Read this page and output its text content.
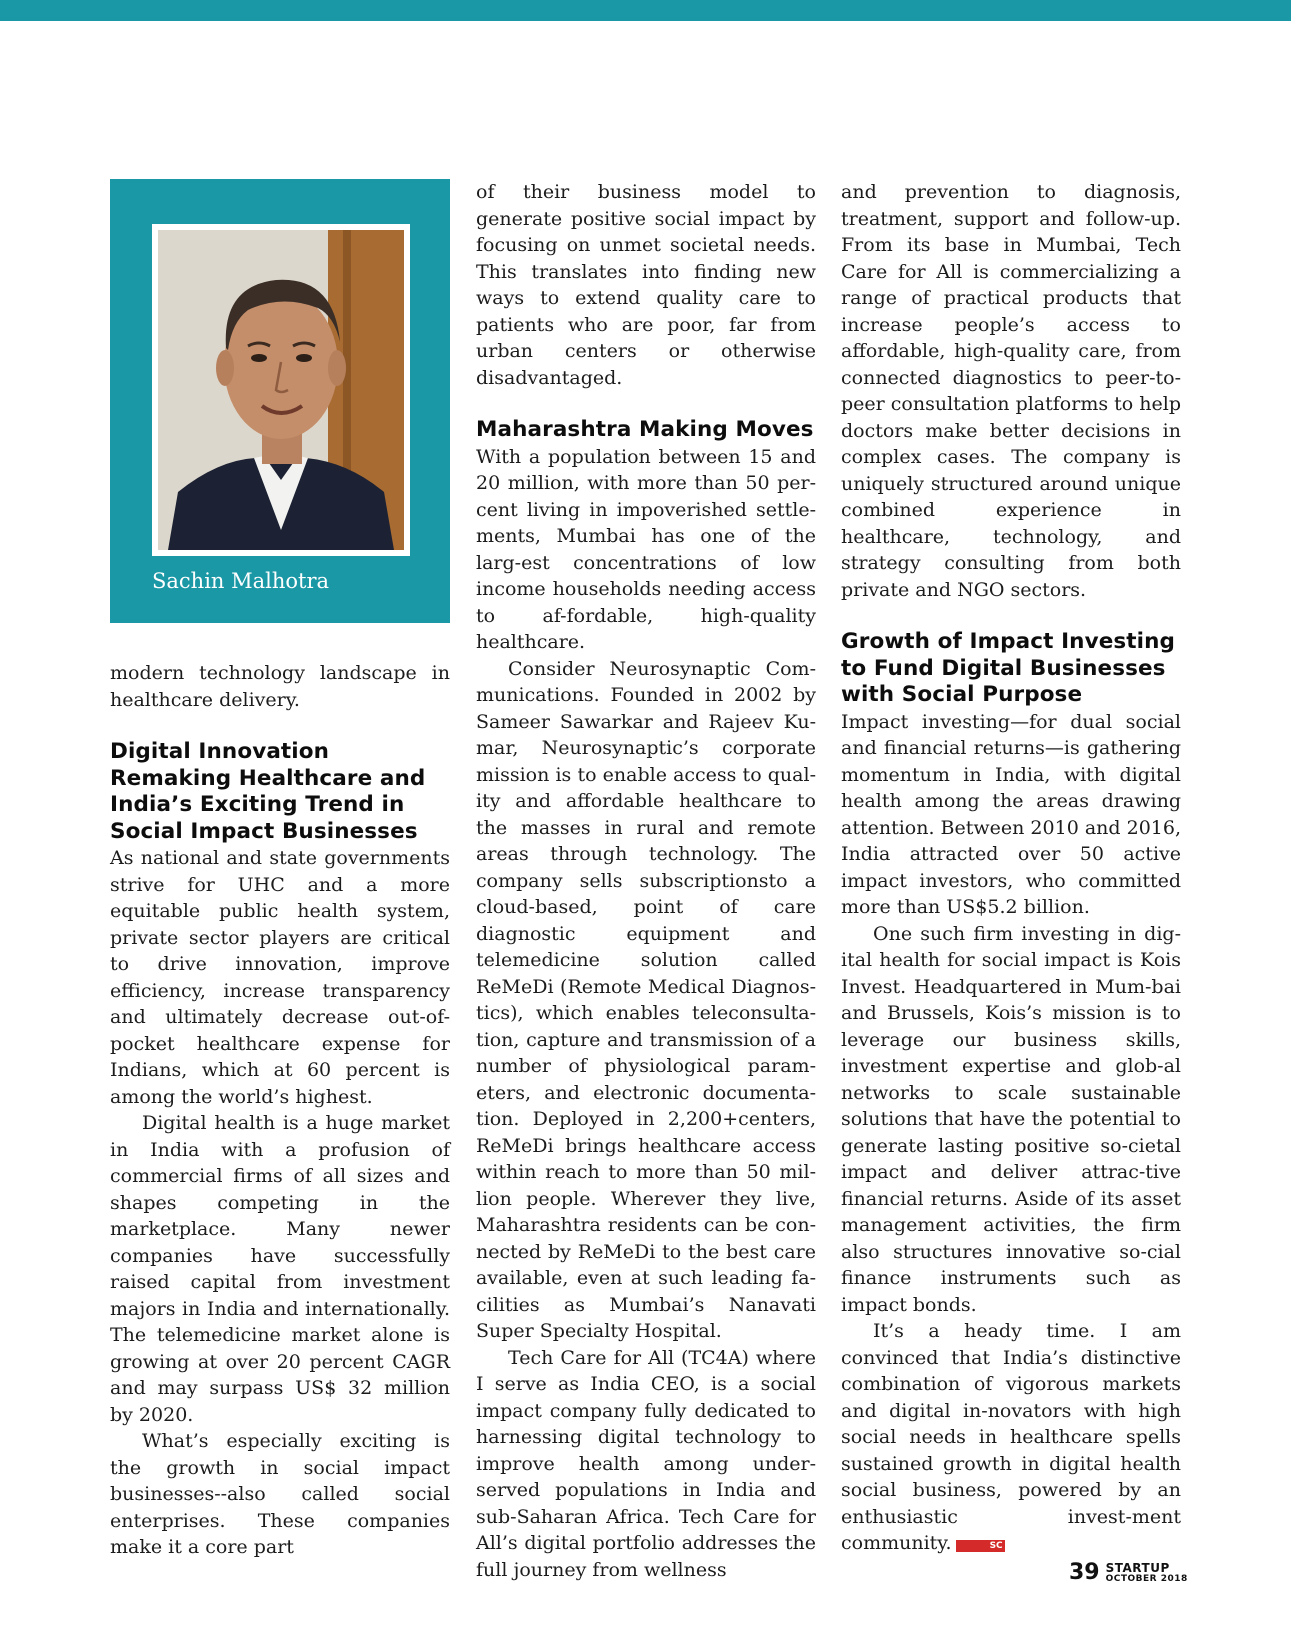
Sachin Malhotra

modern technology landscape in healthcare delivery.

Digital Innovation Remaking Healthcare and India’s Exciting Trend in Social Impact Businesses

As national and state governments strive for UHC and a more equitable public health system, private sector players are critical to drive innovation, improve efficiency, increase transparency and ultimately decrease out-of-pocket healthcare expense for Indians, which at 60 percent is among the world’s highest.

Digital health is a huge market in India with a profusion of commercial firms of all sizes and shapes competing in the marketplace. Many newer companies have successfully raised capital from investment majors in India and internationally. The telemedicine market alone is growing at over 20 percent CAGR and may surpass US$ 32 million by 2020.

What’s especially exciting is the growth in social impact businesses--also called social enterprises. These companies make it a core part

of their business model to generate positive social impact by focusing on unmet societal needs. This translates into finding new ways to extend quality care to patients who are poor, far from urban centers or otherwise disadvantaged.

Maharashtra Making Moves

With a population between 15 and 20 million, with more than 50 per-cent living in impoverished settle-ments, Mumbai has one of the larg-est concentrations of low income households needing access to af-fordable, high-quality healthcare.

Consider Neurosynaptic Com-munications. Founded in 2002 by Sameer Sawarkar and Rajeev Ku-mar, Neurosynaptic’s corporate mission is to enable access to qual-ity and affordable healthcare to the masses in rural and remote areas through technology. The company sells subscriptionsto a cloud-based, point of care diagnostic equipment and telemedicine solution called ReMeDi (Remote Medical Diagnos-tics), which enables teleconsulta-tion, capture and transmission of a number of physiological param-eters, and electronic documenta-tion. Deployed in 2,200+centers, ReMeDi brings healthcare access within reach to more than 50 mil-lion people. Wherever they live, Maharashtra residents can be con-nected by ReMeDi to the best care available, even at such leading fa-cilities as Mumbai’s Nanavati Super Specialty Hospital.

Tech Care for All (TC4A) where I serve as India CEO, is a social impact company fully dedicated to harnessing digital technology to improve health among under-served populations in India and sub-Saharan Africa. Tech Care for All’s digital portfolio addresses the full journey from wellness

and prevention to diagnosis, treatment, support and follow-up. From its base in Mumbai, Tech Care for All is commercializing a range of practical products that increase people’s access to affordable, high-quality care, from connected diagnostics to peer-to-peer consultation platforms to help doctors make better decisions in complex cases. The company is uniquely structured around unique combined experience in healthcare, technology, and strategy consulting from both private and NGO sectors.

Growth of Impact Investing to Fund Digital Businesses with Social Purpose

Impact investing—for dual social and financial returns—is gathering momentum in India, with digital health among the areas drawing attention. Between 2010 and 2016, India attracted over 50 active impact investors, who committed more than US$5.2 billion.

One such firm investing in dig-ital health for social impact is Kois Invest. Headquartered in Mum-bai and Brussels, Kois’s mission is to leverage our business skills, investment expertise and glob-al networks to scale sustainable solutions that have the potential to generate lasting positive so-cietal impact and deliver attrac-tive financial returns. Aside of its asset management activities, the firm also structures innovative so-cial finance instruments such as impact bonds.

It’s a heady time. I am convinced that India’s distinctive combination of vigorous markets and digital in-novators with high social needs in healthcare spells sustained growth in digital health social business, powered by an enthusiastic invest-ment community.	SC

39 STARTUP
OCTOBER 2018
